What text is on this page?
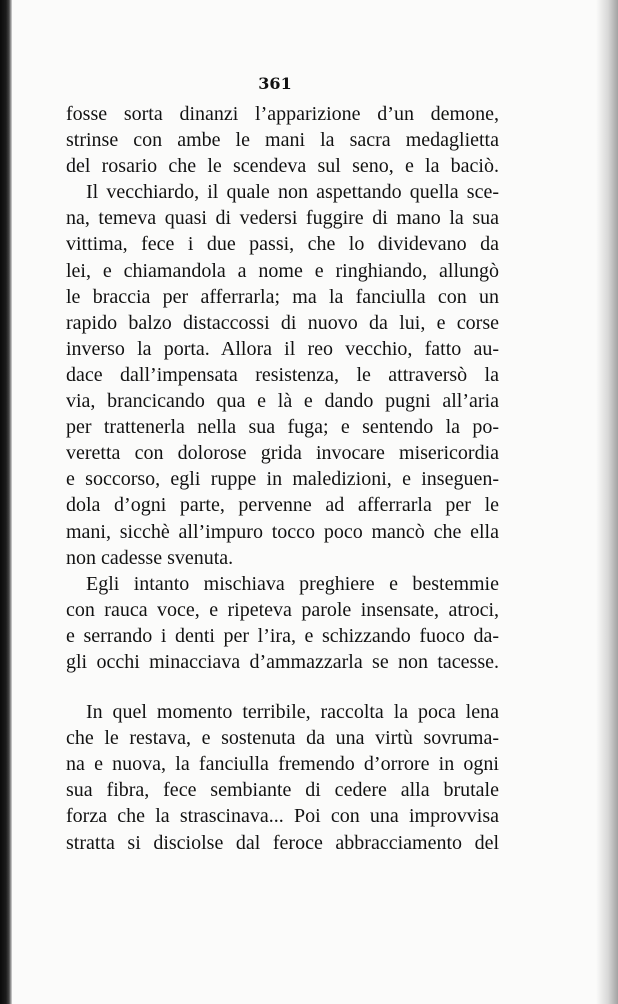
361
fosse sorta dinanzi l’apparizione d’un demone,
strinse con ambe le mani la sacra medaglietta
del rosario che le scendeva sul seno, e la baciò.
Il vecchiardo, il quale non aspettando quella sce-
na, temeva quasi di vedersi fuggire di mano la sua
vittima, fece i due passi, che lo dividevano da
lei, e chiamandola a nome e ringhiando, allungò
le braccia per afferrarla; ma la fanciulla con un
rapido balzo distaccossi di nuovo da lui, e corse
inverso la porta. Allora il reo vecchio, fatto au-
dace dall’impensata resistenza, le attraversò la
via, brancicando qua e là e dando pugni all’aria
per trattenerla nella sua fuga; e sentendo la po-
veretta con dolorose grida invocare misericordia
e soccorso, egli ruppe in maledizioni, e inseguen-
dola d’ogni parte, pervenne ad afferrarla per le
mani, sicchè all’impuro tocco poco mancò che ella
non cadesse svenuta.
Egli intanto mischiava preghiere e bestemmie
con rauca voce, e ripeteva parole insensate, atroci,
e serrando i denti per l’ira, e schizzando fuoco da-
gli occhi minacciava d’ammazzarla se non tacesse.
In quel momento terribile, raccolta la poca lena
che le restava, e sostenuta da una virtù sovruma-
na e nuova, la fanciulla fremendo d’orrore in ogni
sua fibra, fece sembiante di cedere alla brutale
forza che la strascinava... Poi con una improvvisa
stratta si disciolse dal feroce abbracciamento del
